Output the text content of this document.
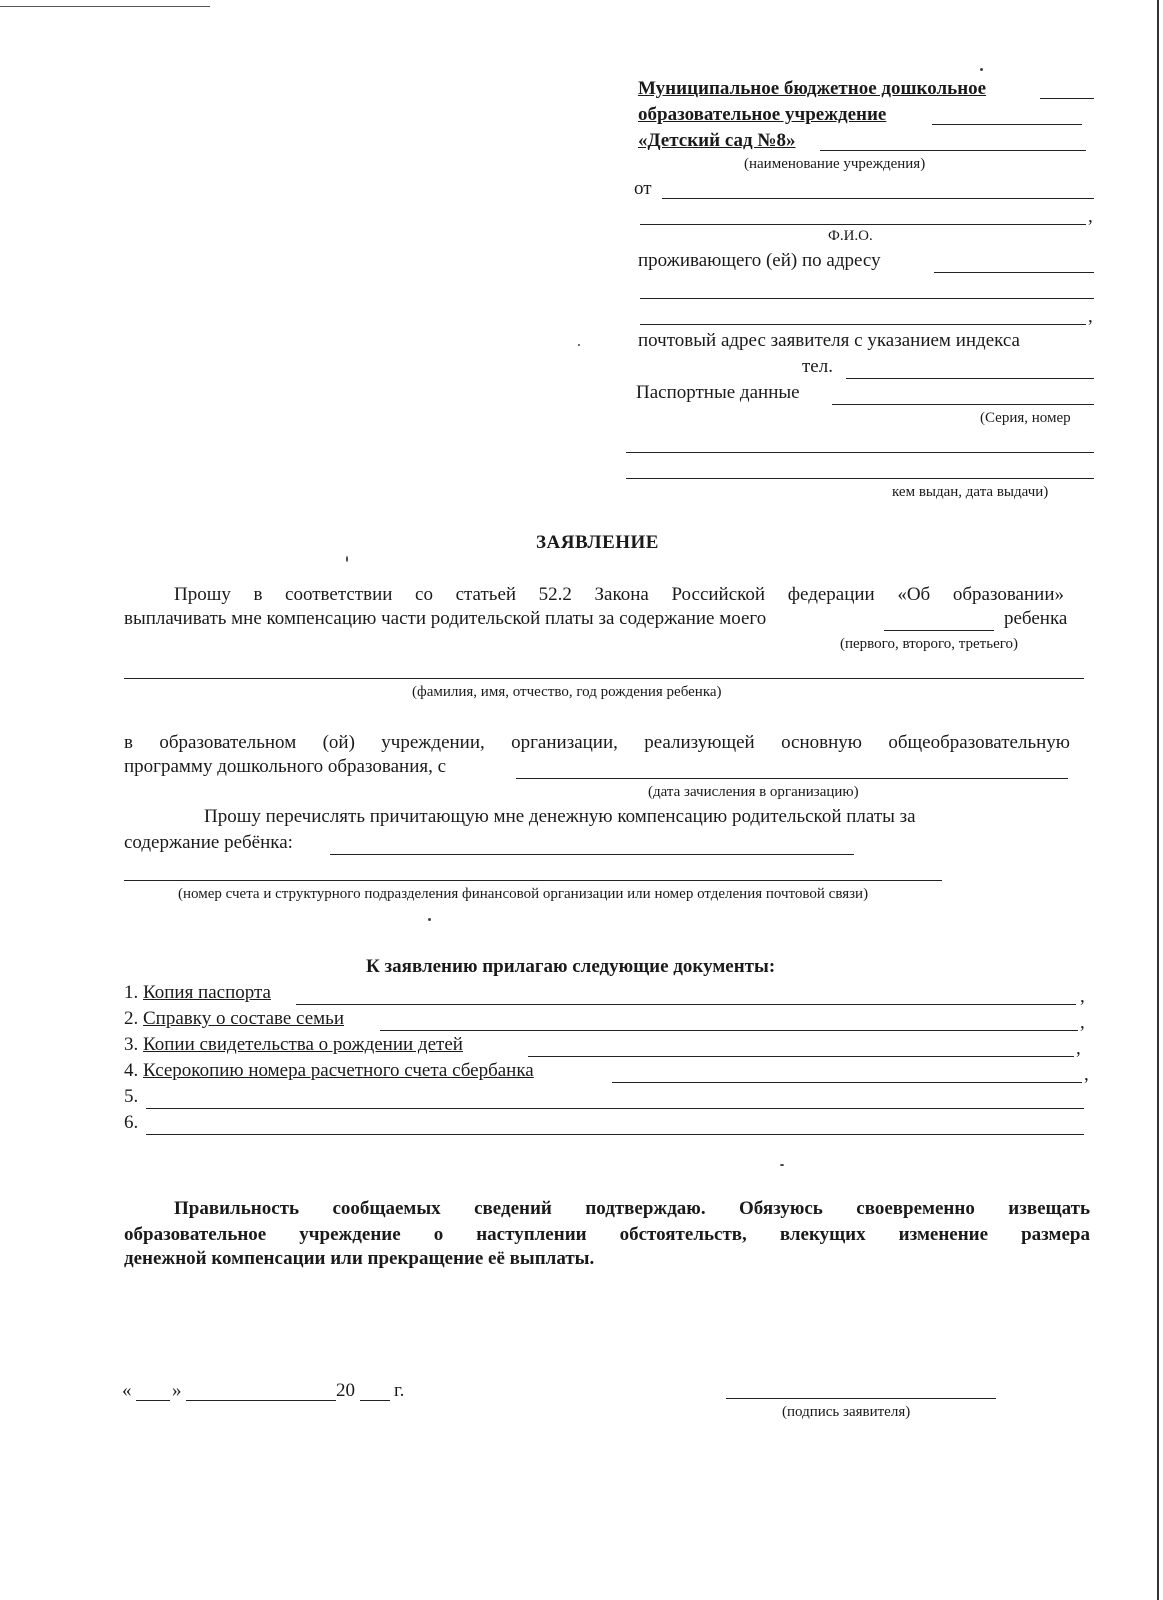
Муниципальное бюджетное дошкольное
образовательное учреждение
«Детский сад №8»
(наименование учреждения)
от
,
Ф.И.О.
проживающего (ей) по адресу
,
почтовый адрес заявителя с указанием индекса
тел.
Паспортные данные
(Серия, номер
кем выдан, дата выдачи)
ЗАЯВЛЕНИЕ
Прошу в соответствии со статьей 52.2 Закона Российской федерации «Об образовании»
выплачивать мне компенсацию части родительской платы за содержание моего	ребенка
(первого, второго, третьего)
(фамилия, имя, отчество, год рождения ребенка)
в образовательном (ой) учреждении, организации, реализующей основную общеобразовательную
программу дошкольного образования, с
(дата зачисления в организацию)
Прошу перечислять причитающую мне денежную компенсацию родительской платы за
содержание ребёнка:
(номер счета и структурного подразделения финансовой организации или номер отделения почтовой связи)
К заявлению прилагаю следующие документы:
1. Копия паспорта	,
2. Справку о составе семьи	,
3. Копии свидетельства о рождении детей	,
4. Ксерокопию номера расчетного счета сбербанка	,
5.
6.
Правильность сообщаемых сведений подтверждаю. Обязуюсь своевременно извещать
образовательное учреждение о наступлении обстоятельств, влекущих изменение размера
денежной компенсации или прекращение её выплаты.
« »	20 г.
(подпись заявителя)
